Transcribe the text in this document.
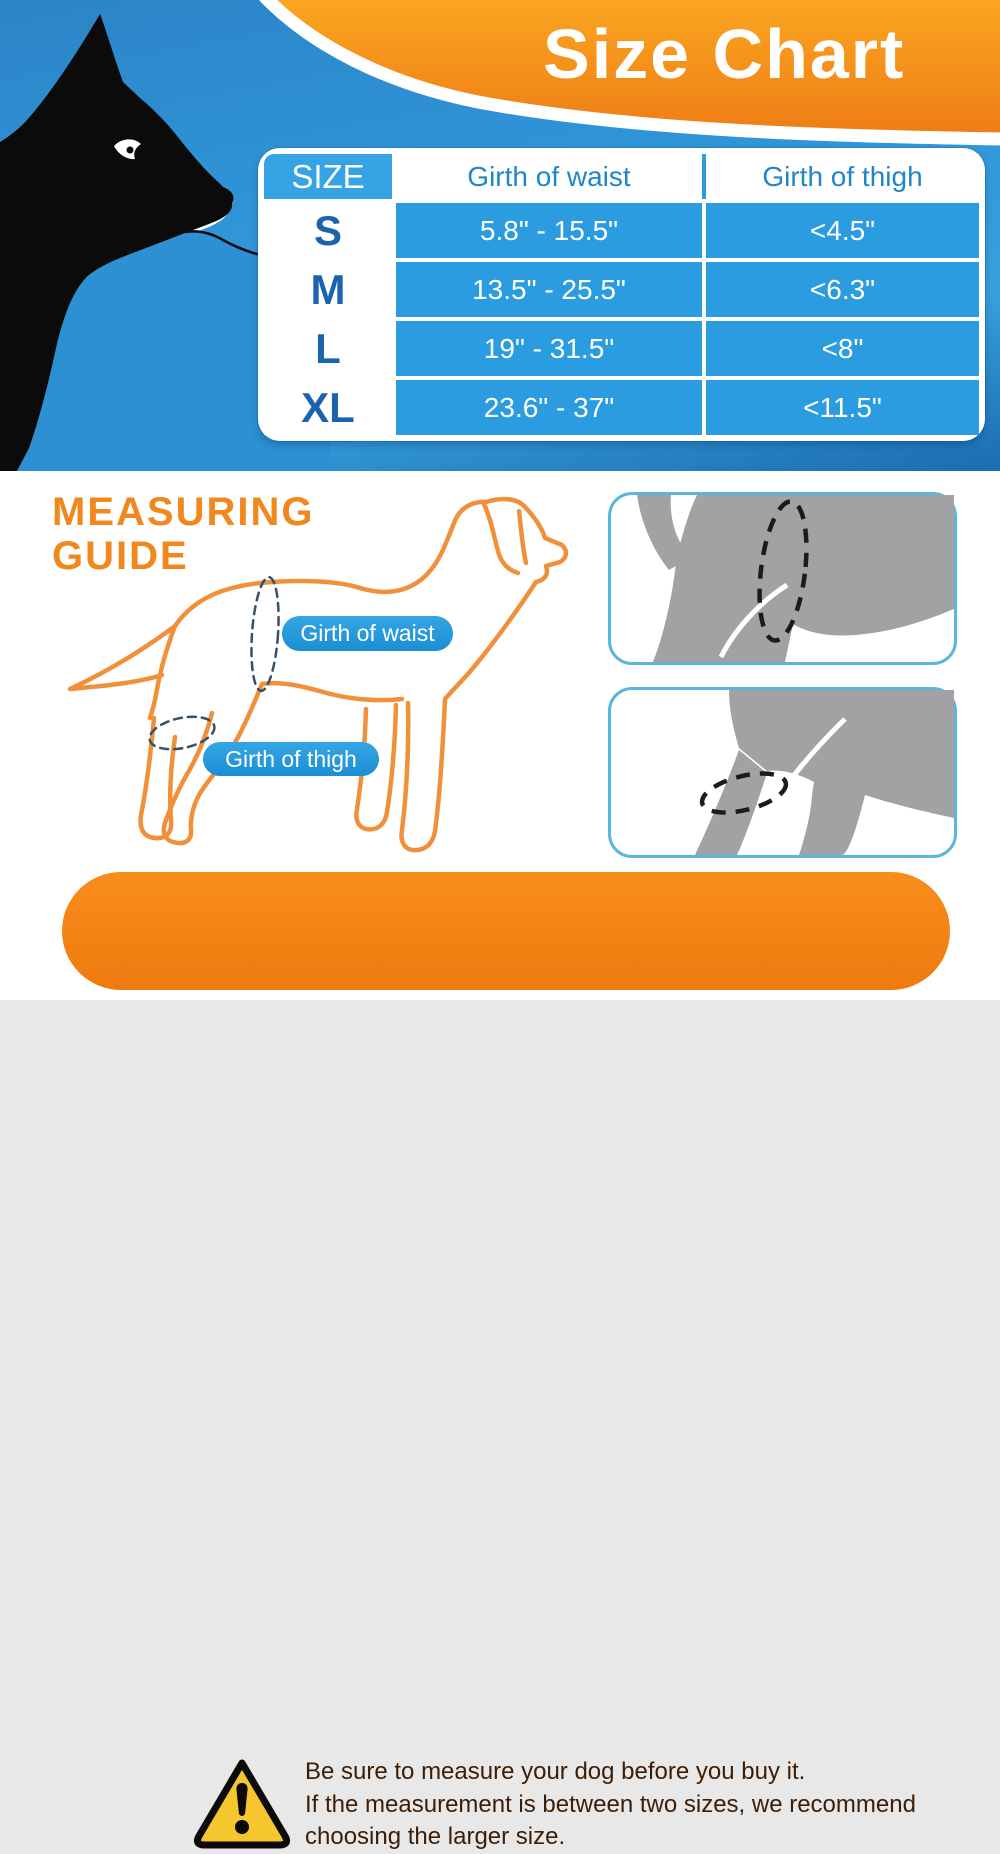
Size Chart
SIZE	Girth of waist	Girth of thigh
S	5.8" - 15.5"	<4.5"
M	13.5" - 25.5"	<6.3"
L	19" - 31.5"	<8"
XL	23.6" - 37"	<11.5"
MEASURING
GUIDE
Girth of waist
Girth of thigh
Be sure to measure your dog before you buy it.
If the measurement is between two sizes, we recommend
choosing the larger size.
